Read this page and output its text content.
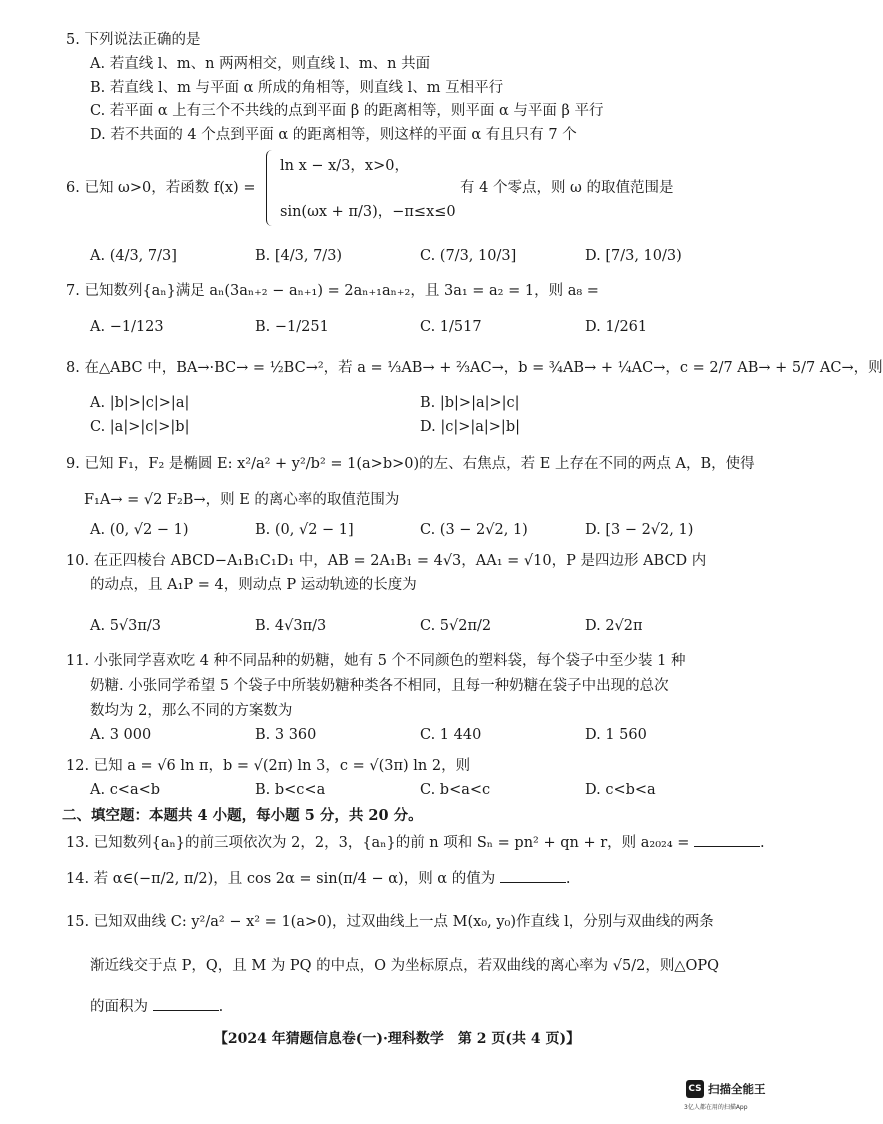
5. 下列说法正确的是
A. 若直线 l、m、n 两两相交，则直线 l、m、n 共面
B. 若直线 l、m 与平面 α 所成的角相等，则直线 l、m 互相平行
C. 若平面 α 上有三个不共线的点到平面 β 的距离相等，则平面 α 与平面 β 平行
D. 若不共面的 4 个点到平面 α 的距离相等，则这样的平面 α 有且只有 7 个
6. 已知 ω>0，若函数 f(x) =
ln x − x/3，x>0，
sin(ωx + π/3)，−π≤x≤0
有 4 个零点，则 ω 的取值范围是
A. (4/3, 7/3]	B. [4/3, 7/3)	C. (7/3, 10/3]	D. [7/3, 10/3)
7. 已知数列{aₙ}满足 aₙ(3aₙ₊₂ − aₙ₊₁) = 2aₙ₊₁aₙ₊₂，且 3a₁ = a₂ = 1，则 a₈ =
A. −1/123	B. −1/251	C. 1/517	D. 1/261
8. 在△ABC 中，BA→·BC→ = ½BC→²，若 a = ⅓AB→ + ⅔AC→，b = ¾AB→ + ¼AC→，c = 2/7 AB→ + 5/7 AC→，则
A. |b|>|c|>|a|	B. |b|>|a|>|c|
C. |a|>|c|>|b|	D. |c|>|a|>|b|
9. 已知 F₁，F₂ 是椭圆 E: x²/a² + y²/b² = 1(a>b>0)的左、右焦点，若 E 上存在不同的两点 A，B，使得
F₁A→ = √2 F₂B→，则 E 的离心率的取值范围为
A. (0, √2 − 1)	B. (0, √2 − 1]	C. (3 − 2√2, 1)	D. [3 − 2√2, 1)
10. 在正四棱台 ABCD−A₁B₁C₁D₁ 中，AB = 2A₁B₁ = 4√3，AA₁ = √10，P 是四边形 ABCD 内
的动点，且 A₁P = 4，则动点 P 运动轨迹的长度为
A. 5√3π/3	B. 4√3π/3	C. 5√2π/2	D. 2√2π
11. 小张同学喜欢吃 4 种不同品种的奶糖，她有 5 个不同颜色的塑料袋，每个袋子中至少装 1 种
奶糖. 小张同学希望 5 个袋子中所装奶糖种类各不相同，且每一种奶糖在袋子中出现的总次
数均为 2，那么不同的方案数为
A. 3 000	B. 3 360	C. 1 440	D. 1 560
12. 已知 a = √6 ln π，b = √(2π) ln 3，c = √(3π) ln 2，则
A. c<a<b	B. b<c<a	C. b<a<c	D. c<b<a
二、填空题：本题共 4 小题，每小题 5 分，共 20 分。
13. 已知数列{aₙ}的前三项依次为 2，2，3，{aₙ}的前 n 项和 Sₙ = pn² + qn + r，则 a₂₀₂₄ =	.
14. 若 α∈(−π/2, π/2)，且 cos 2α = sin(π/4 − α)，则 α 的值为	.
15. 已知双曲线 C: y²/a² − x² = 1(a>0)，过双曲线上一点 M(x₀, y₀)作直线 l，分别与双曲线的两条
渐近线交于点 P，Q，且 M 为 PQ 的中点，O 为坐标原点，若双曲线的离心率为 √5/2，则△OPQ
的面积为	.
【2024 年猜题信息卷(一)·理科数学　第 2 页(共 4 页)】
CS 扫描全能王
3亿人都在用的扫描App
